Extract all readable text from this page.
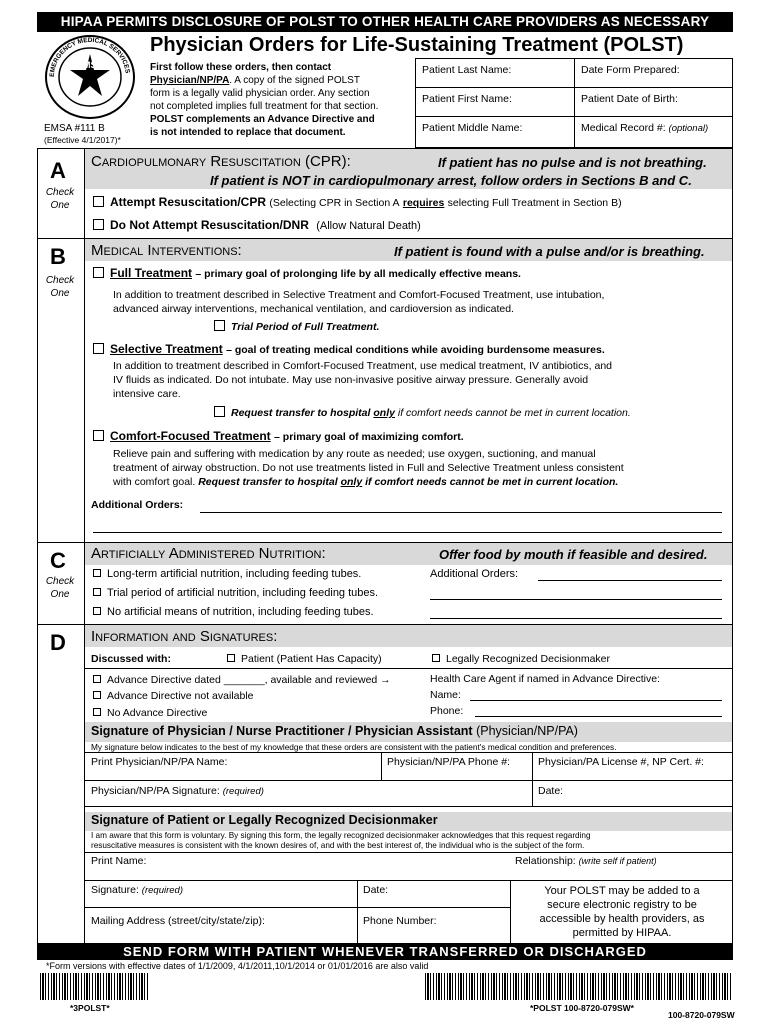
HIPAA PERMITS DISCLOSURE OF POLST TO OTHER HEALTH CARE PROVIDERS AS NECESSARY
EMSA
EMERGENCY MEDICAL SERVICES
EMSA #111 B
(Effective 4/1/2017)*
Physician Orders for Life-Sustaining Treatment (POLST)
First follow these orders, then contact
Physician/NP/PA. A copy of the signed POLST
form is a legally valid physician order. Any section
not completed implies full treatment for that section.
POLST complements an Advance Directive and
is not intended to replace that document.
Patient Last Name:	Date Form Prepared:
Patient First Name:	Patient Date of Birth:
Patient Middle Name:	Medical Record #: (optional)
A
Check One
Cardiopulmonary Resuscitation (CPR):	If patient has no pulse and is not breathing.
If patient is NOT in cardiopulmonary arrest, follow orders in Sections B and C.
Attempt Resuscitation/CPR (Selecting CPR in Section A requires selecting Full Treatment in Section B)
Do Not Attempt Resuscitation/DNR (Allow Natural Death)
B
Check One
Medical Interventions:	If patient is found with a pulse and/or is breathing.
Full Treatment – primary goal of prolonging life by all medically effective means.
In addition to treatment described in Selective Treatment and Comfort-Focused Treatment, use intubation,
advanced airway interventions, mechanical ventilation, and cardioversion as indicated.
Trial Period of Full Treatment.
Selective Treatment – goal of treating medical conditions while avoiding burdensome measures.
In addition to treatment described in Comfort-Focused Treatment, use medical treatment, IV antibiotics, and
IV fluids as indicated. Do not intubate. May use non-invasive positive airway pressure. Generally avoid
intensive care.
Request transfer to hospital only if comfort needs cannot be met in current location.
Comfort-Focused Treatment – primary goal of maximizing comfort.
Relieve pain and suffering with medication by any route as needed; use oxygen, suctioning, and manual
treatment of airway obstruction. Do not use treatments listed in Full and Selective Treatment unless consistent
with comfort goal. Request transfer to hospital only if comfort needs cannot be met in current location.
Additional Orders:
C
Check One
Artificially Administered Nutrition:	Offer food by mouth if feasible and desired.
Long-term artificial nutrition, including feeding tubes.
Trial period of artificial nutrition, including feeding tubes.
No artificial means of nutrition, including feeding tubes.
Additional Orders:
D Information and Signatures:
Discussed with:	Patient (Patient Has Capacity)	Legally Recognized Decisionmaker
Advance Directive dated _______, available and reviewed →
Advance Directive not available
No Advance Directive
Health Care Agent if named in Advance Directive:
Name:
Phone:
Signature of Physician / Nurse Practitioner / Physician Assistant (Physician/NP/PA)
My signature below indicates to the best of my knowledge that these orders are consistent with the patient's medical condition and preferences.
Print Physician/NP/PA Name:	Physician/NP/PA Phone #:	Physician/PA License #, NP Cert. #:
Physician/NP/PA Signature: (required)	Date:
Signature of Patient or Legally Recognized Decisionmaker
I am aware that this form is voluntary. By signing this form, the legally recognized decisionmaker acknowledges that this request regarding
resuscitative measures is consistent with the known desires of, and with the best interest of, the individual who is the subject of the form.
Print Name:	Relationship: (write self if patient)
Signature: (required)	Date:
Mailing Address (street/city/state/zip):	Phone Number:
Your POLST may be added to a
secure electronic registry to be
accessible by health providers, as
permitted by HIPAA.
SEND FORM WITH PATIENT WHENEVER TRANSFERRED OR DISCHARGED
*Form versions with effective dates of 1/1/2009, 4/1/2011,10/1/2014 or 01/01/2016 are also valid
*3POLST*	*POLST 100-8720-079SW*
100-8720-079SW
